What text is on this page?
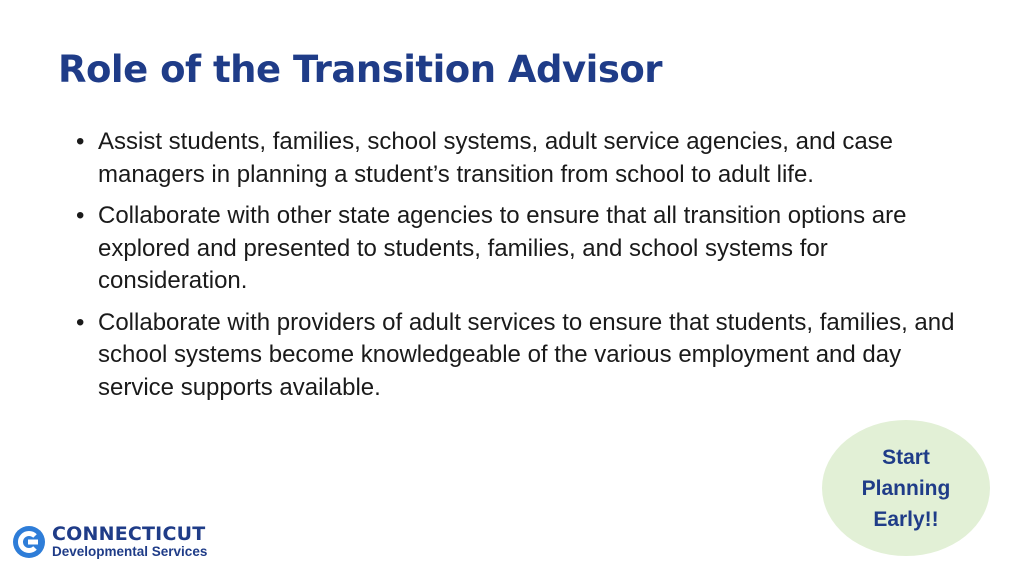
Role of the Transition Advisor
• Assist students, families, school systems, adult service agencies, and case managers in planning a student’s transition from school to adult life.
• Collaborate with other state agencies to ensure that all transition options are explored and presented to students, families, and school systems for consideration.
• Collaborate with providers of adult services to ensure that students, families, and school systems become knowledgeable of the various employment and day service supports available.
Start
Planning
Early!!
CONNECTICUT
Developmental Services
